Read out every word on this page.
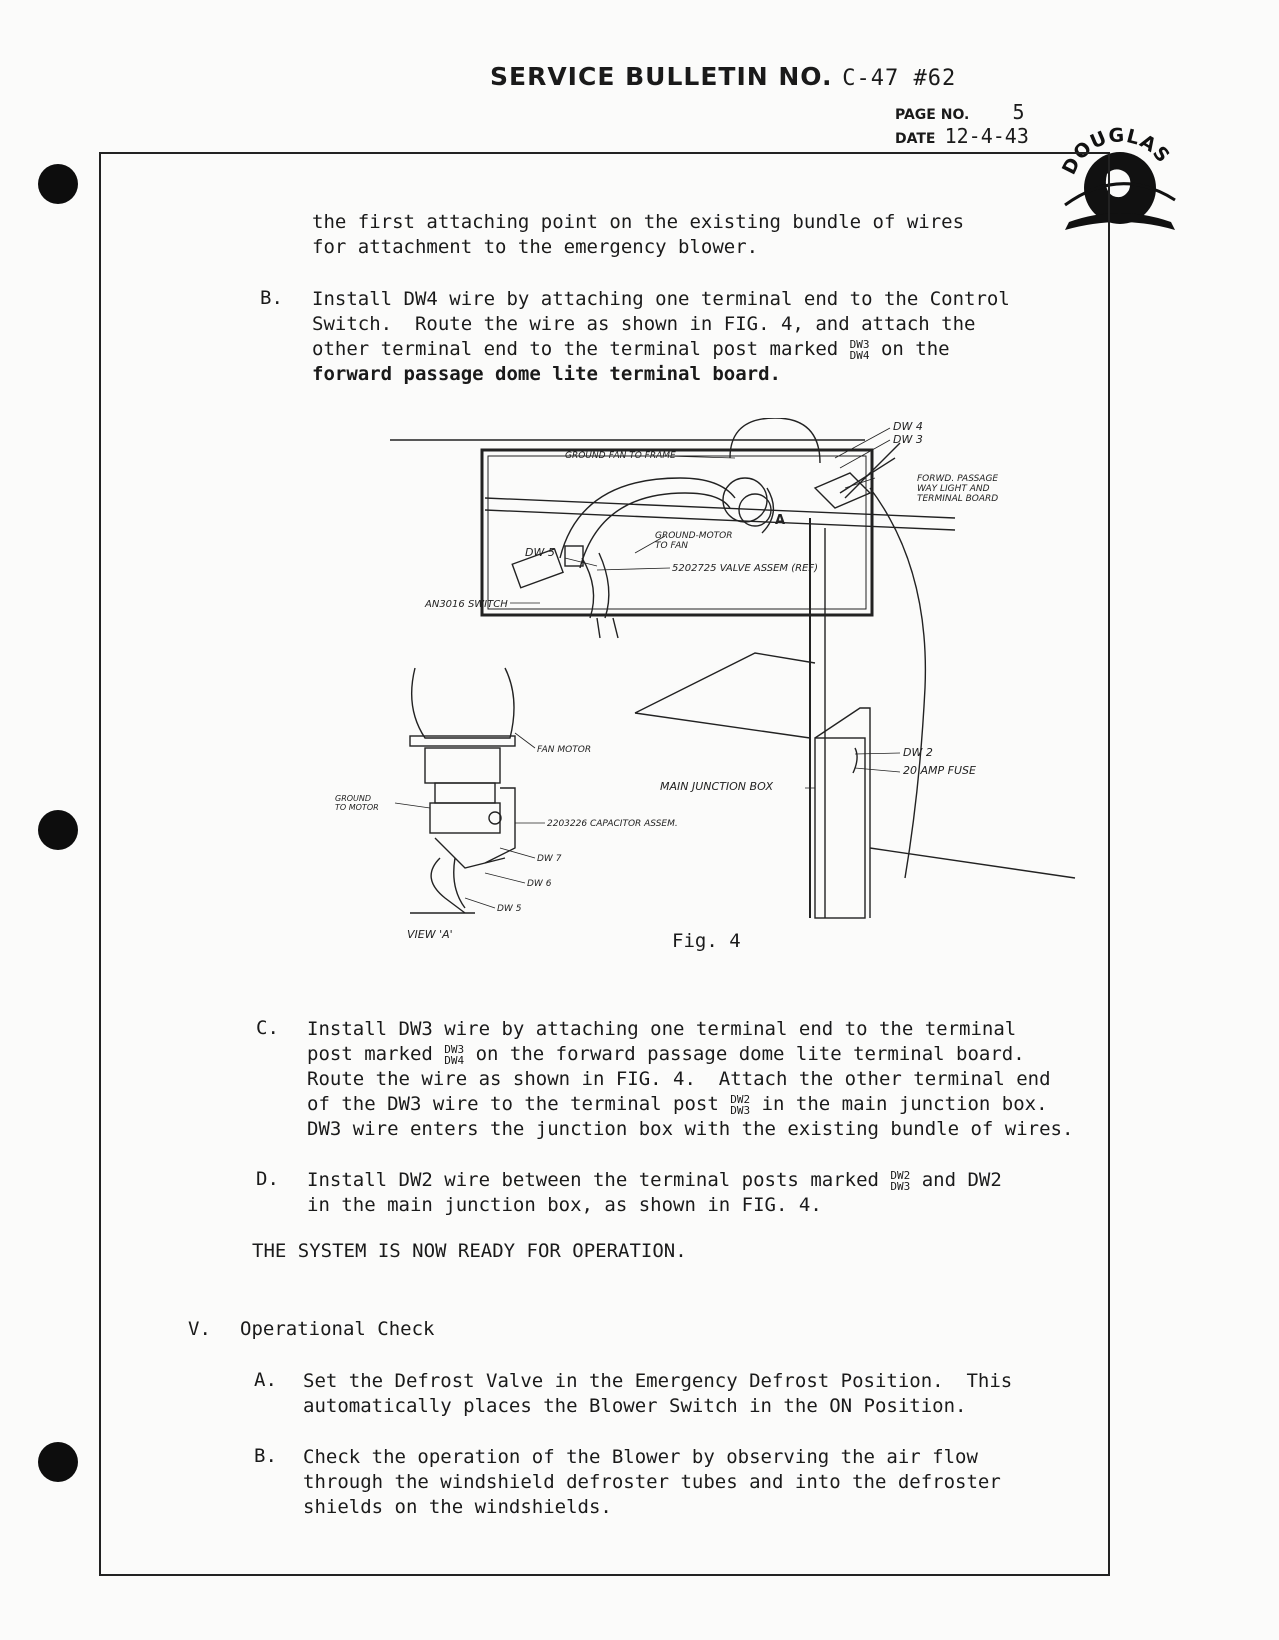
SERVICE BULLETIN NO. C-47 #62
PAGE NO. 5
DATE 12-4-43
DOUGLAS
the first attaching point on the existing bundle of wires
for attachment to the emergency blower.
B. Install DW4 wire by attaching one terminal end to the Control
Switch.  Route the wire as shown in FIG. 4, and attach the
other terminal end to the terminal post marked DW3
DW4 on the
forward passage dome lite terminal board.
DW 4
DW 3
GROUND-FAN TO FRAME
FORWD. PASSAGE
WAY LIGHT AND
TERMINAL BOARD
GROUND-MOTOR
TO FAN
A
DW 5
5202725 VALVE ASSEM (REF)
AN3016 SWITCH
FAN MOTOR	DW 2
20 AMP FUSE
MAIN JUNCTION BOX
GROUND
TO MOTOR
2203226 CAPACITOR ASSEM.
DW 7
DW 6
DW 5
VIEW 'A'	Fig. 4
C. Install DW3 wire by attaching one terminal end to the terminal
post marked DW3
DW4 on the forward passage dome lite terminal board.
Route the wire as shown in FIG. 4.  Attach the other terminal end
of the DW3 wire to the terminal post DW2
DW3 in the main junction box.
DW3 wire enters the junction box with the existing bundle of wires.
D. Install DW2 wire between the terminal posts marked DW2
DW3 and DW2
in the main junction box, as shown in FIG. 4.
THE SYSTEM IS NOW READY FOR OPERATION.
V. Operational Check
A. Set the Defrost Valve in the Emergency Defrost Position.  This
automatically places the Blower Switch in the ON Position.
B. Check the operation of the Blower by observing the air flow
through the windshield defroster tubes and into the defroster
shields on the windshields.
